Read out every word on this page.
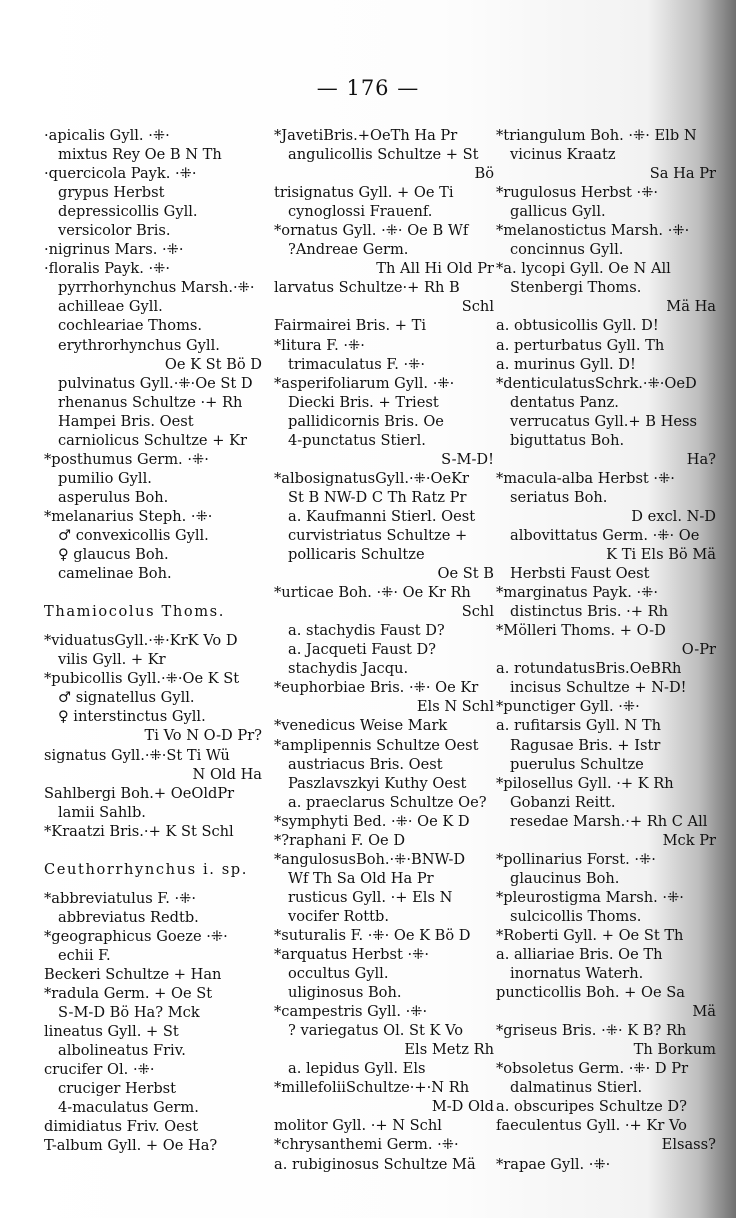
— 176 —
·apicalis Gyll. ·⁜·
mixtus Rey Oe B N Th
·quercicola Payk. ·⁜·
grypus Herbst
depressicollis Gyll.
versicolor Bris.
·nigrinus Mars. ·⁜·
·floralis Payk. ·⁜·
pyrrhorhynchus Marsh.·⁜·
achilleae Gyll.
cochleariae Thoms.
erythrorhynchus Gyll.
Oe K St Bö D
pulvinatus Gyll.·⁜·Oe St D
rhenanus Schultze ·+ Rh
Hampei Bris. Oest
carniolicus Schultze + Kr
*posthumus Germ. ·⁜·
pumilio Gyll.
asperulus Boh.
*melanarius Steph. ·⁜·
♂ convexicollis Gyll.
♀ glaucus Boh.
camelinae Boh.
Thamiocolus Thoms.
*viduatusGyll.·⁜·KrK Vo D
vilis Gyll. + Kr
*pubicollis Gyll.·⁜·Oe K St
♂ signatellus Gyll.
♀ interstinctus Gyll.
Ti Vo N O-D Pr?
signatus Gyll.·⁜·St Ti Wü
N Old Ha
Sahlbergi Boh.+ OeOldPr
lamii Sahlb.
*Kraatzi Bris.·+ K St Schl
Ceuthorrhynchus i. sp.
*abbreviatulus F. ·⁜·
abbreviatus Redtb.
*geographicus Goeze ·⁜·
echii F.
Beckeri Schultze + Han
*radula Germ. + Oe St
S-M-D Bö Ha? Mck
lineatus Gyll. + St
albolineatus Friv.
crucifer Ol. ·⁜·
cruciger Herbst
4-maculatus Germ.
dimidiatus Friv. Oest
T-album Gyll. + Oe Ha?
*JavetiBris.+OeTh Ha Pr
angulicollis Schultze + St
Bö
trisignatus Gyll. + Oe Ti
cynoglossi Frauenf.
*ornatus Gyll. ·⁜· Oe B Wf
?Andreae Germ.
Th All Hi Old Pr
larvatus Schultze·+ Rh B
Schl
Fairmairei Bris. + Ti
*litura F. ·⁜·
trimaculatus F. ·⁜·
*asperifoliarum Gyll. ·⁜·
Diecki Bris. + Triest
pallidicornis Bris. Oe
4-punctatus Stierl.
S-M-D!
*albosignatusGyll.·⁜·OeKr
St B NW-D C Th Ratz Pr
a. Kaufmanni Stierl. Oest
curvistriatus Schultze +
pollicaris Schultze
Oe St B
*urticae Boh. ·⁜· Oe Kr Rh
Schl
a. stachydis Faust D?
a. Jacqueti Faust D?
stachydis Jacqu.
*euphorbiae Bris. ·⁜· Oe Kr
Els N Schl
*venedicus Weise Mark
*amplipennis Schultze Oest
austriacus Bris. Oest
Paszlavszkyi Kuthy Oest
a. praeclarus Schultze Oe?
*symphyti Bed. ·⁜· Oe K D
*?raphani F. Oe D
*angulosusBoh.·⁜·BNW-D
Wf Th Sa Old Ha Pr
rusticus Gyll. ·+ Els N
vocifer Rottb.
*suturalis F. ·⁜· Oe K Bö D
*arquatus Herbst ·⁜·
occultus Gyll.
uliginosus Boh.
*campestris Gyll. ·⁜·
? variegatus Ol. St K Vo
Els Metz Rh
a. lepidus Gyll. Els
*millefoliiSchultze·+·N Rh
M-D Old
molitor Gyll. ·+ N Schl
*chrysanthemi Germ. ·⁜·
a. rubiginosus Schultze Mä
*triangulum Boh. ·⁜· Elb N
vicinus Kraatz
Sa Ha Pr
*rugulosus Herbst ·⁜·
gallicus Gyll.
*melanostictus Marsh. ·⁜·
concinnus Gyll.
*a. lycopi Gyll. Oe N All
Stenbergi Thoms.
Mä Ha
a. obtusicollis Gyll. D!
a. perturbatus Gyll. Th
a. murinus Gyll. D!
*denticulatusSchrk.·⁜·OeD
dentatus Panz.
verrucatus Gyll.+ B Hess
biguttatus Boh.
Ha?
*macula-alba Herbst ·⁜·
seriatus Boh.
D excl. N-D
albovittatus Germ. ·⁜· Oe
K Ti Els Bö Mä
Herbsti Faust Oest
*marginatus Payk. ·⁜·
distinctus Bris. ·+ Rh
*Mölleri Thoms. + O-D
O-Pr
a. rotundatusBris.OeBRh
incisus Schultze + N-D!
*punctiger Gyll. ·⁜·
a. rufitarsis Gyll. N Th
Ragusae Bris. + Istr
puerulus Schultze
*pilosellus Gyll. ·+ K Rh
Gobanzi Reitt.
resedae Marsh.·+ Rh C All
Mck Pr
*pollinarius Forst. ·⁜·
glaucinus Boh.
*pleurostigma Marsh. ·⁜·
sulcicollis Thoms.
*Roberti Gyll. + Oe St Th
a. alliariae Bris. Oe Th
inornatus Waterh.
puncticollis Boh. + Oe Sa
Mä
*griseus Bris. ·⁜· K B? Rh
Th Borkum
*obsoletus Germ. ·⁜· D Pr
dalmatinus Stierl.
a. obscuripes Schultze D?
faeculentus Gyll. ·+ Kr Vo
Elsass?
*rapae Gyll. ·⁜·
